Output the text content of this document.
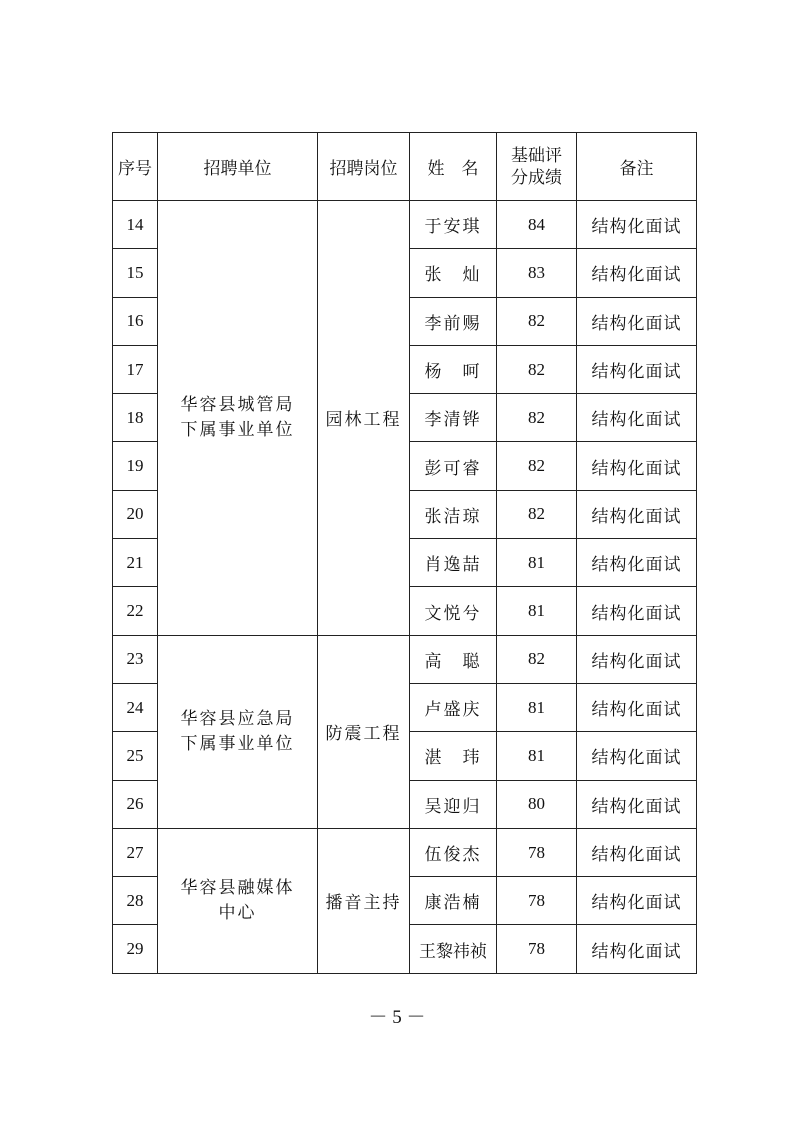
序号	招聘单位	招聘岗位	姓　名	基础评
分成绩	备注
14	华容县城管局
下属事业单位	园林工程	于安琪	84	结构化面试
15			张　灿	83	结构化面试
16			李前赐	82	结构化面试
17			杨　呵	82	结构化面试
18			李清铧	82	结构化面试
19			彭可睿	82	结构化面试
20			张洁琼	82	结构化面试
21			肖逸喆	81	结构化面试
22			文悦兮	81	结构化面试
23	华容县应急局
下属事业单位	防震工程	高　聪	82	结构化面试
24			卢盛庆	81	结构化面试
25			湛　玮	81	结构化面试
26			吴迎归	80	结构化面试
27	华容县融媒体
中心	播音主持	伍俊杰	78	结构化面试
28			康浩楠	78	结构化面试
29			王黎祎祯	78	结构化面试
－ 5 －
